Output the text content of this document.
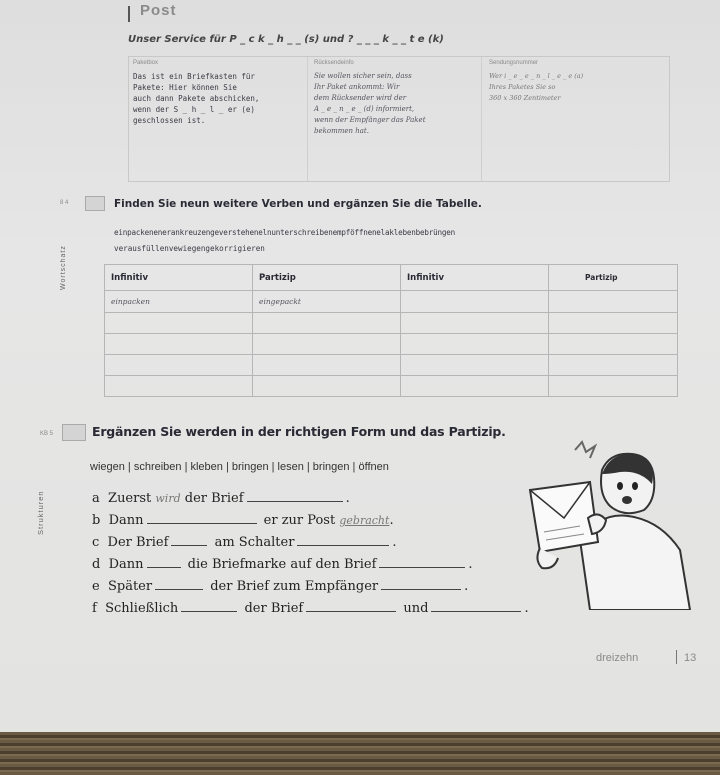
Post
Unser Service für P _ c k _ h _ _ (s) und ? _ _ _ k _ _ t e (k)
Paketbox	Rücksendeinfo	Sendungsnummer
Das ist ein Briefkasten für
Pakete: Hier können Sie
auch dann Pakete abschicken,
wenn der S _ h _ l _ er (e)
geschlossen ist.
Sie wollen sicher sein, dass
Ihr Paket ankommt: Wir
dem Rücksender wird der
A _ e _ n _ e _ (d) informiert,
wenn der Empfänger das Paket
bekommen hat.
Wer i _ e _ e _ n _ l _ e _ e (a)
Ihres Paketes Sie so
360 x 360 Zentimeter
8 4	Finden Sie neun weitere Verben und ergänzen Sie die Tabelle.
einpackenenerankreuzengeverstehenelnunterschreibenempföffnenelaklebenbebrüngen
verausfüllenvewiegengekorrigieren
Wortschatz	Infinitiv	Partizip	Infinitiv	Partizip
einpacken	eingepackt		

KB 5	Ergänzen Sie werden in der richtigen Form und das Partizip.
wiegen | schreiben | kleben | bringen | lesen | bringen | öffnen
Strukturen	a Zuerst wird der Brief	.
b Dann	er zur Post gebracht.
c Der Brief	am Schalter	.
d Dann	die Briefmarke auf den Brief	.
e Später	der Brief zum Empfänger	.
f Schließlich	der Brief	und	.
dreizehn	13
